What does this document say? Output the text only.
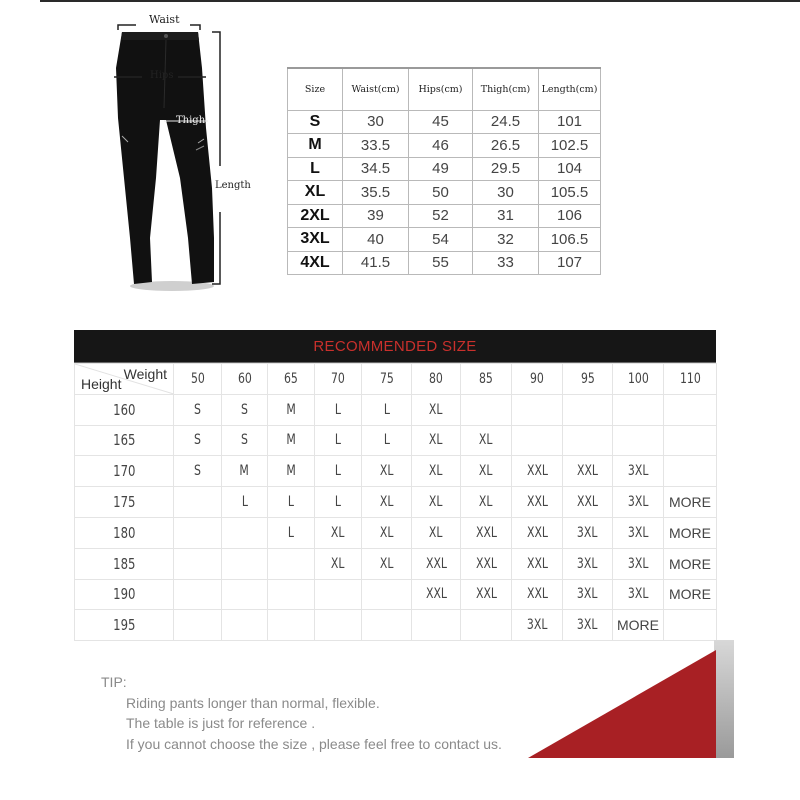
Waist
Hips
Thigh
Length
Size	Waist(cm)	Hips(cm)	Thigh(cm)	Length(cm)
S	30	45	24.5	101
M	33.5	46	26.5	102.5
L	34.5	49	29.5	104
XL	35.5	50	30	105.5
2XL	39	52	31	106
3XL	40	54	32	106.5
4XL	41.5	55	33	107
RECOMMENDED SIZE
Weight
Height	50	60	65	70	75	80	85	90	95	100	110
160	S	S	M	L	L	XL					
165	S	S	M	L	L	XL	XL				
170	S	M	M	L	XL	XL	XL	XXL	XXL	3XL	
175		L	L	L	XL	XL	XL	XXL	XXL	3XL	MORE
180			L	XL	XL	XL	XXL	XXL	3XL	3XL	MORE
185				XL	XL	XXL	XXL	XXL	3XL	3XL	MORE
190						XXL	XXL	XXL	3XL	3XL	MORE
195								3XL	3XL	MORE	
TIP:
Riding pants longer than normal, flexible.
The table is just for reference .
If you cannot choose the size , please feel free to contact us.
